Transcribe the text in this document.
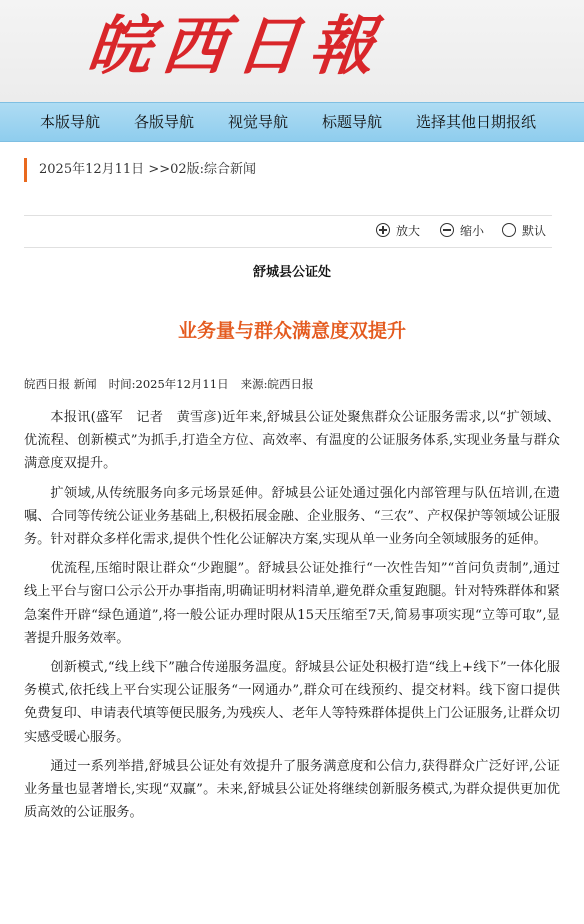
皖西日報
本版导航 各版导航 视觉导航 标题导航 选择其他日期报纸
2025年12月11日 >>02版:综合新闻
放大	缩小	默认
舒城县公证处
业务量与群众满意度双提升
皖西日报 新闻 时间:2025年12月11日 来源:皖西日报

本报讯(盛军　记者　黄雪彦)近年来,舒城县公证处聚焦群众公证服务需求,以“扩领域、优流程、创新模式”为抓手,打造全方位、高效率、有温度的公证服务体系,实现业务量与群众满意度双提升。

扩领域,从传统服务向多元场景延伸。舒城县公证处通过强化内部管理与队伍培训,在遗嘱、合同等传统公证业务基础上,积极拓展金融、企业服务、“三农”、产权保护等领域公证服务。针对群众多样化需求,提供个性化公证解决方案,实现从单一业务向全领域服务的延伸。

优流程,压缩时限让群众“少跑腿”。舒城县公证处推行“一次性告知”“首问负责制”,通过线上平台与窗口公示公开办事指南,明确证明材料清单,避免群众重复跑腿。针对特殊群体和紧急案件开辟“绿色通道”,将一般公证办理时限从15天压缩至7天,简易事项实现“立等可取”,显著提升服务效率。

创新模式,“线上线下”融合传递服务温度。舒城县公证处积极打造“线上+线下”一体化服务模式,依托线上平台实现公证服务“一网通办”,群众可在线预约、提交材料。线下窗口提供免费复印、申请表代填等便民服务,为残疾人、老年人等特殊群体提供上门公证服务,让群众切实感受暖心服务。

通过一系列举措,舒城县公证处有效提升了服务满意度和公信力,获得群众广泛好评,公证业务量也显著增长,实现“双赢”。未来,舒城县公证处将继续创新服务模式,为群众提供更加优质高效的公证服务。
